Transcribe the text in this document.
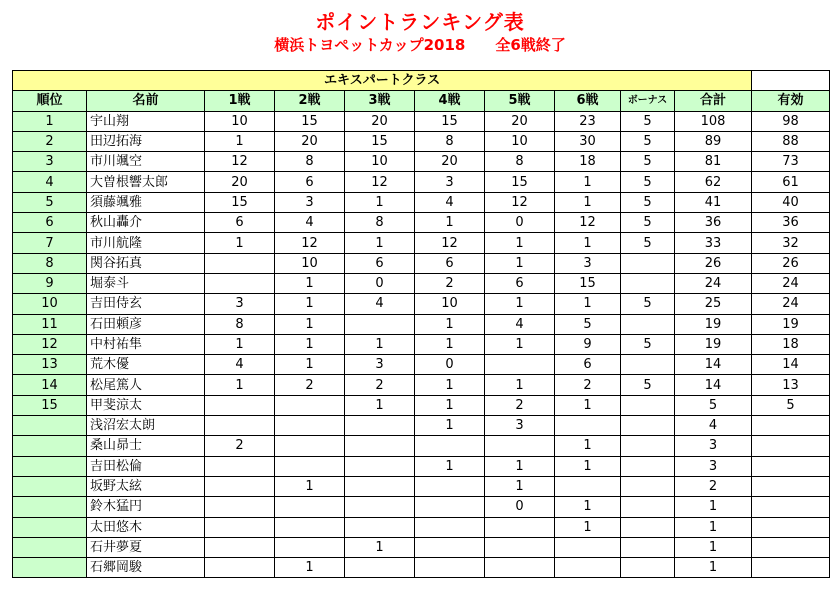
ポイントランキング表
横浜トヨペットカップ2018　　全6戦終了
エキスパートクラス										
順位	名前	1戦	2戦	3戦	4戦	5戦	6戦	ボーナス	合計	有効
1	宇山翔	10	15	20	15	20	23	5	108	98
2	田辺拓海	1	20	15	8	10	30	5	89	88
3	市川颯空	12	8	10	20	8	18	5	81	73
4	大曽根響太郎	20	6	12	3	15	1	5	62	61
5	須藤颯雅	15	3	1	4	12	1	5	41	40
6	秋山轟介	6	4	8	1	0	12	5	36	36
7	市川航隆	1	12	1	12	1	1	5	33	32
8	関谷拓真		10	6	6	1	3		26	26
9	堀泰斗		1	0	2	6	15		24	24
10	吉田侍玄	3	1	4	10	1	1	5	25	24
11	石田頼彦	8	1		1	4	5		19	19
12	中村祐隼	1	1	1	1	1	9	5	19	18
13	荒木優	4	1	3	0		6		14	14
14	松尾篤人	1	2	2	1	1	2	5	14	13
15	甲斐涼太			1	1	2	1		5	5
	浅沼宏太朗				1	3			4	
	桑山昴士	2					1		3	
	吉田松倫				1	1	1		3	
	坂野太絃		1			1			2	
	鈴木猛円					0	1		1	
	太田悠木						1		1	
	石井夢夏			1					1	
	石郷岡駿		1						1	
